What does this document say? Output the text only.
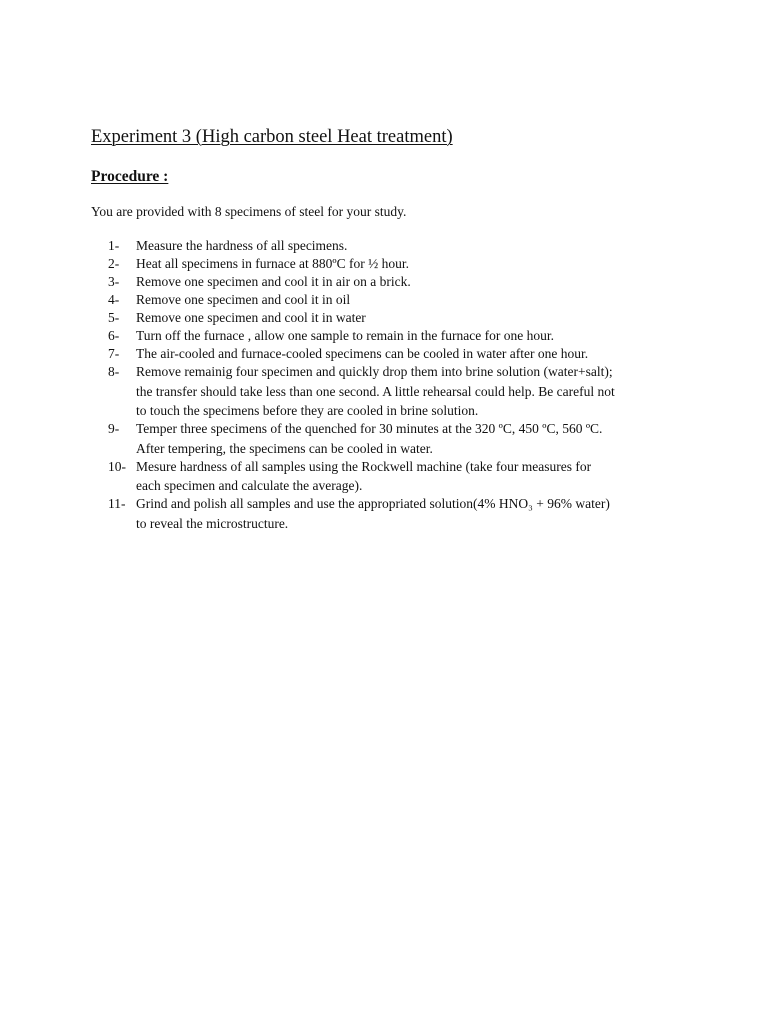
Experiment 3 (High carbon steel Heat treatment)
Procedure :
You are provided with 8 specimens of steel for your study.
1- Measure the hardness of all specimens.
2- Heat all specimens in furnace at 880ºC for ½ hour.
3- Remove one specimen and cool it in air on a brick.
4- Remove one specimen and cool it in oil
5- Remove one specimen and cool it in water
6- Turn off the furnace , allow one sample to remain in the furnace for one hour.
7- The air-cooled and furnace-cooled specimens can be cooled in water after one hour.
8- Remove remainig four specimen and quickly drop them into brine solution (water+salt);
the transfer should take less than one second. A little rehearsal could help. Be careful not
to touch the specimens before they are cooled in brine solution.
9- Temper three specimens of the quenched for 30 minutes at the 320 ºC, 450 ºC, 560 ºC.
After tempering, the specimens can be cooled in water.
10- Mesure hardness of all samples using the Rockwell machine (take four measures for
each specimen and calculate the average).
11- Grind and polish all samples and use the appropriated solution(4% HNO₃ + 96% water)
to reveal the microstructure.
